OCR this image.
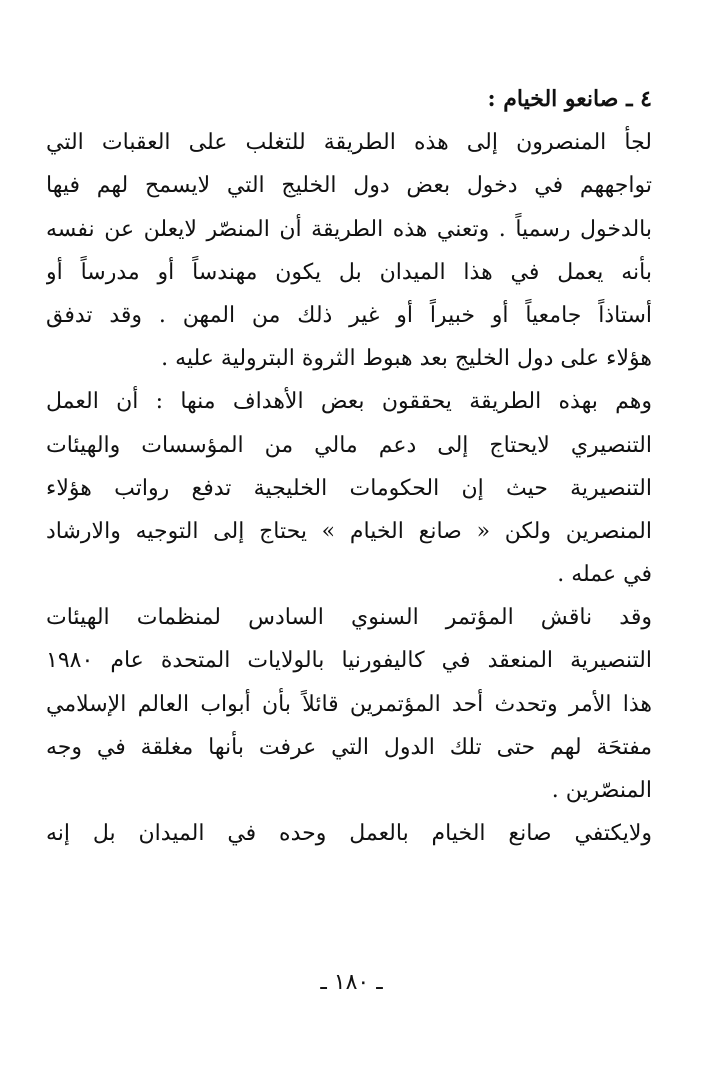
٤ ـ صانعو الخيام :
لجأ المنصرون إلى هذه الطريقة للتغلب على العقبات التي
تواجههم في دخول بعض دول الخليج التي لايسمح لهم فيها
بالدخول رسمياً . وتعني هذه الطريقة أن المنصّر لايعلن عن نفسه
بأنه يعمل في هذا الميدان بل يكون مهندساً أو مدرساً أو
أستاذاً جامعياً أو خبيراً أو غير ذلك من المهن . وقد تدفق
هؤلاء على دول الخليج بعد هبوط الثروة البترولية عليه .
وهم بهذه الطريقة يحققون بعض الأهداف منها : أن العمل
التنصيري لايحتاج إلى دعم مالي من المؤسسات والهيئات
التنصيرية حيث إن الحكومات الخليجية تدفع رواتب هؤلاء
المنصرين ولكن « صانع الخيام » يحتاج إلى التوجيه والارشاد
في عمله .
وقد ناقش المؤتمر السنوي السادس لمنظمات الهيئات
التنصيرية المنعقد في كاليفورنيا بالولايات المتحدة عام ١٩٨٠
هذا الأمر وتحدث أحد المؤتمرين قائلاً بأن أبواب العالم الإسلامي
مفتحَة لهم حتى تلك الدول التي عرفت بأنها مغلقة في وجه
المنصّرين .
ولايكتفي صانع الخيام بالعمل وحده في الميدان بل إنه
ـ ١٨٠ ـ
